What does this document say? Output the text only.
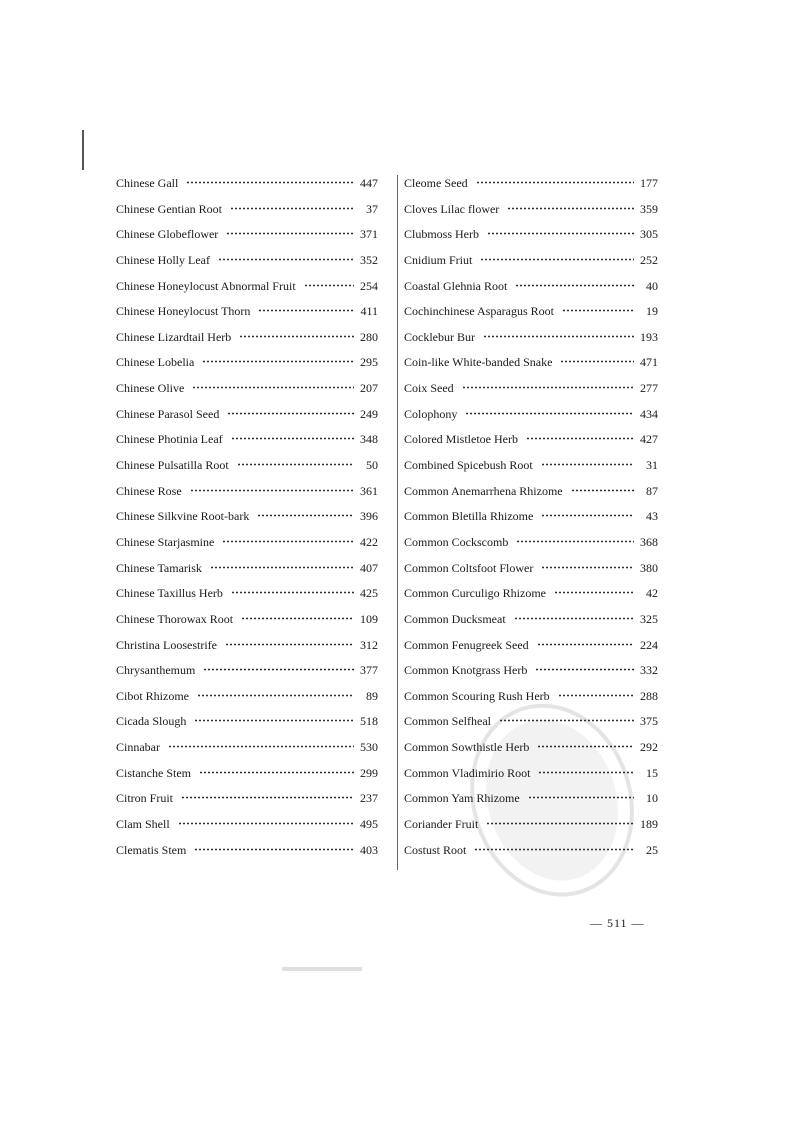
Chinese Gall	447
Chinese Gentian Root	37
Chinese Globeflower	371
Chinese Holly Leaf	352
Chinese Honeylocust Abnormal Fruit	254
Chinese Honeylocust Thorn	411
Chinese Lizardtail Herb	280
Chinese Lobelia	295
Chinese Olive	207
Chinese Parasol Seed	249
Chinese Photinia Leaf	348
Chinese Pulsatilla Root	50
Chinese Rose	361
Chinese Silkvine Root-bark	396
Chinese Starjasmine	422
Chinese Tamarisk	407
Chinese Taxillus Herb	425
Chinese Thorowax Root	109
Christina Loosestrife	312
Chrysanthemum	377
Cibot Rhizome	89
Cicada Slough	518
Cinnabar	530
Cistanche Stem	299
Citron Fruit	237
Clam Shell	495
Clematis Stem	403
Cleome Seed	177
Cloves Lilac flower	359
Clubmoss Herb	305
Cnidium Friut	252
Coastal Glehnia Root	40
Cochinchinese Asparagus Root	19
Cocklebur Bur	193
Coin-like White-banded Snake	471
Coix Seed	277
Colophony	434
Colored Mistletoe Herb	427
Combined Spicebush Root	31
Common Anemarrhena Rhizome	87
Common Bletilla Rhizome	43
Common Cockscomb	368
Common Coltsfoot Flower	380
Common Curculigo Rhizome	42
Common Ducksmeat	325
Common Fenugreek Seed	224
Common Knotgrass Herb	332
Common Scouring Rush Herb	288
Common Selfheal	375
Common Sowthistle Herb	292
Common Vladimirio Root	15
Common Yam Rhizome	10
Coriander Fruit	189
Costust Root	25
— 511 —
